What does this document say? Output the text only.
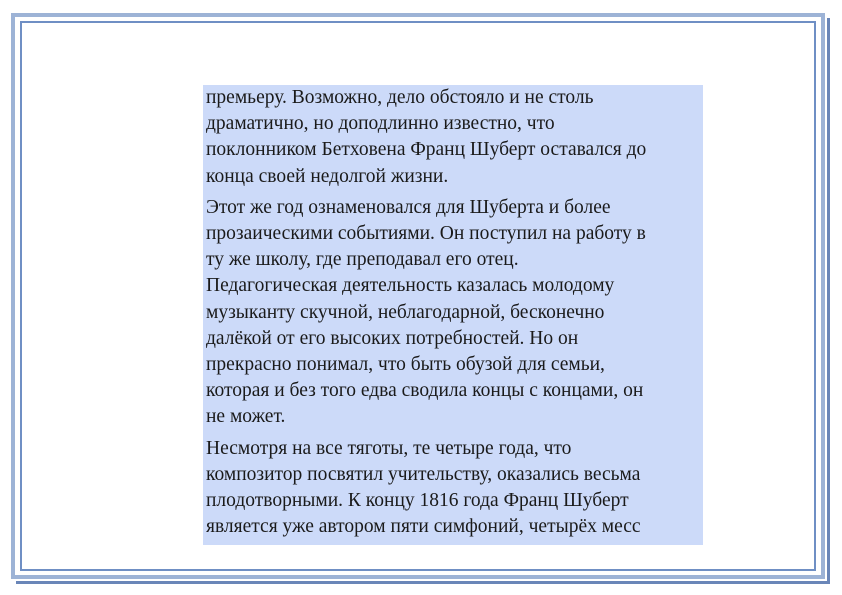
премьеру. Возможно, дело обстояло и не столь
драматично, но доподлинно известно, что
поклонником Бетховена Франц Шуберт оставался до
конца своей недолгой жизни.

Этот же год ознаменовался для Шуберта и более
прозаическими событиями. Он поступил на работу в
ту же школу, где преподавал его отец.
Педагогическая деятельность казалась молодому
музыканту скучной, неблагодарной, бесконечно
далёкой от его высоких потребностей. Но он
прекрасно понимал, что быть обузой для семьи,
которая и без того едва сводила концы с концами, он
не может.

Несмотря на все тяготы, те четыре года, что
композитор посвятил учительству, оказались весьма
плодотворными. К концу 1816 года Франц Шуберт
является уже автором пяти симфоний, четырёх месс
